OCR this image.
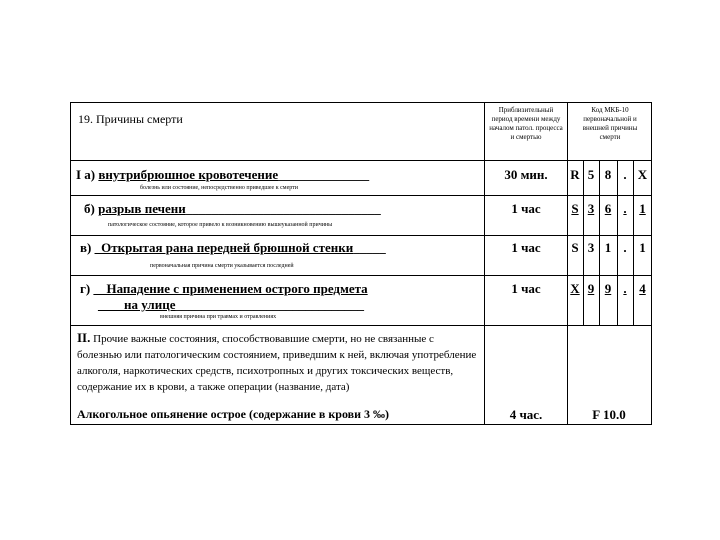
19. Причины смерти
Приблизительный период времени между началом патол. процесса и смертью
Код МКБ-10 первоначальной и внешней причины смерти
I а) внутрибрюшное кровотечение______________
болезнь или состояние, непосредственно приведшее к смерти
30 мин.
б) разрыв печени______________________________
патологическое состояние, которое привело к возникновению вышеуказанной причины
1 час
в) _Открытая рана передней брюшной стенки_____
первоначальная причина смерти указывается последней
1 час
г) __Нападение с применением острого предмета
____на улице_____________________________
внешняя причина при травмах и отравлениях
1 час
R 5 8 . X
S 3 6 . 1
S 3 1 . 1
X 9 9 . 4
II. Прочие важные состояния, способствовавшие смерти, но не связанные с болезнью или патологическим состоянием, приведшим к ней, включая употребление алкоголя, наркотических средств, психотропных и других токсических веществ, содержание их в крови, а также операции (название, дата)
Алкогольное опьянение острое (содержание в крови 3 ‰)	4 час.	F 10.0
